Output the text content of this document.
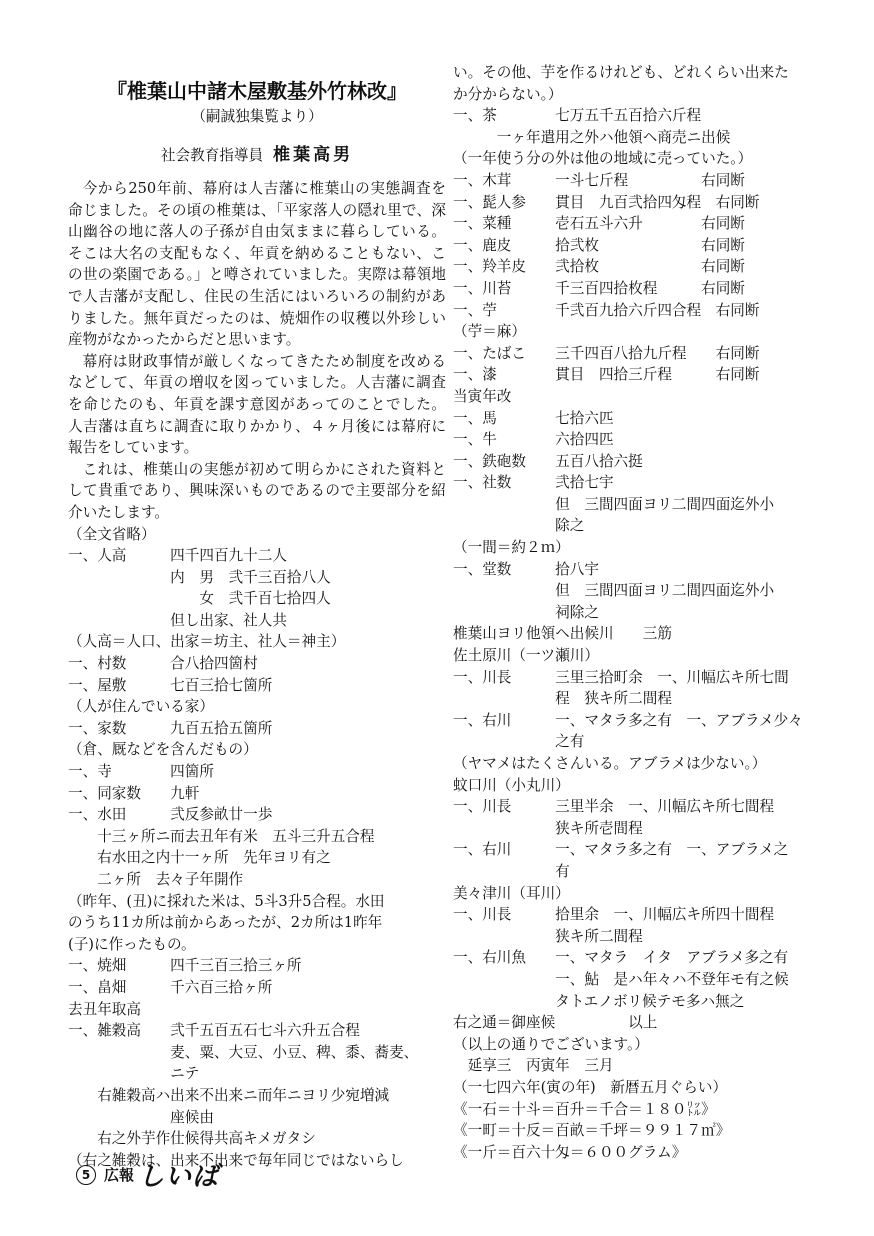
『椎葉山中諸木屋敷基外竹林改』
（嗣誠独集覧より）
社会教育指導員 椎葉高男

今から250年前、幕府は人吉藩に椎葉山の実態調査を命じました。その頃の椎葉は、「平家落人の隠れ里で、深山幽谷の地に落人の子孫が自由気ままに暮らしている。そこは大名の支配もなく、年貢を納めることもない、この世の楽園である。」と噂されていました。実際は幕領地で人吉藩が支配し、住民の生活にはいろいろの制約がありました。無年貢だったのは、焼畑作の収穫以外珍しい産物がなかったからだと思います。

幕府は財政事情が厳しくなってきたため制度を改めるなどして、年貢の増収を図っていました。人吉藩に調査を命じたのも、年貢を課す意図があってのことでした。人吉藩は直ちに調査に取りかかり、４ヶ月後には幕府に報告をしています。

これは、椎葉山の実態が初めて明らかにされた資料として貴重であり、興味深いものであるので主要部分を紹介いたします。

（全文省略）
一、人高　　　四千四百九十二人
　　　　　　　内　男　弐千三百拾八人
　　　　　　　　　女　弐千百七拾四人
　　　　　　　但し出家、社人共
（人高＝人口、出家＝坊主、社人＝神主）
一、村数　　　合八拾四箇村
一、屋敷　　　七百三拾七箇所
（人が住んでいる家）
一、家数　　　九百五拾五箇所
（倉、厩などを含んだもの）
一、寺　　　　四箇所
一、同家数　　九軒
一、水田　　　弐反参畝廿一歩
　　十三ヶ所ニ而去丑年有米　五斗三升五合程
　　右水田之内十一ヶ所　先年ヨリ有之
　　二ヶ所　去々子年開作
（昨年、(丑)に採れた米は、5斗3升5合程。水田
のうち11カ所は前からあったが、2カ所は1昨年
(子)に作ったもの。
一、焼畑　　　四千三百三拾三ヶ所
一、畠畑　　　千六百三拾ヶ所
去丑年取高
一、雑穀高　　弐千五百五石七斗六升五合程
　　　　　　　麦、粟、大豆、小豆、稗、黍、蕎麦、
　　　　　　　ニテ
　　右雑穀高ハ出来不出来ニ而年ニヨリ少宛増減
　　　　　　　座候由
　　右之外芋作仕候得共高キメガタシ
（右之雑穀は、出来不出来で毎年同じではないらし
い。その他、芋を作るけれども、どれくらい出来た
か分からない。）
一、茶　　　　七万五千五百拾六斤程
　　　一ヶ年遣用之外ハ他領ヘ商売ニ出候
（一年使う分の外は他の地域に売っていた。）
一、木茸　　　一斗七斤程　　　　　右同断
一、髭人参　　貫目　九百弐拾四匁程　右同断
一、菜種　　　壱石五斗六升　　　　右同断
一、鹿皮　　　拾弐枚　　　　　　　右同断
一、羚羊皮　　弐拾枚　　　　　　　右同断
一、川苔　　　千三百四拾枚程　　　右同断
一、苧　　　　千弐百九拾六斤四合程　右同断
（苧＝麻）
一、たばこ　　三千四百八拾九斤程　　右同断
一、漆　　　　貫目　四拾三斤程　　　右同断
当寅年改
一、馬　　　　七拾六匹
一、牛　　　　六拾四匹
一、鉄砲数　　五百八拾六挺
一、社数　　　弐拾七宇
　　　　　　　但　三間四面ヨリ二間四面迄外小
　　　　　　　除之
（一間＝約２ｍ）
一、堂数　　　拾八宇
　　　　　　　但　三間四面ヨリ二間四面迄外小
　　　　　　　祠除之
椎葉山ヨリ他領ヘ出候川　　三筋
佐土原川（一ツ瀬川）
一、川長　　　三里三拾町余　一、川幅広キ所七間
　　　　　　　程　狭キ所二間程
一、右川　　　一、マタラ多之有　一、アブラメ少々
　　　　　　　之有
（ヤマメはたくさんいる。アブラメは少ない。）
蚊口川（小丸川）
一、川長　　　三里半余　一、川幅広キ所七間程
　　　　　　　狭キ所壱間程
一、右川　　　一、マタラ多之有　一、アブラメ之
　　　　　　　有
美々津川（耳川）
一、川長　　　拾里余　一、川幅広キ所四十間程
　　　　　　　狭キ所二間程
一、右川魚　　一、マタラ　イタ　アブラメ多之有
　　　　　　　一、鮎　是ハ年々ハ不登年モ有之候
　　　　　　　タトエノボリ候テモ多ハ無之
右之通＝御座候　　　　　以上
（以上の通りでございます。）
　延享三　丙寅年　三月
（一七四六年(寅の年)　新暦五月ぐらい）
《一石＝十斗＝百升＝千合＝１８０㍑》
《一町＝十反＝百畝＝千坪＝９９１７㎡》
《一斤＝百六十匁＝６００グラム》
5 広報 しいば
